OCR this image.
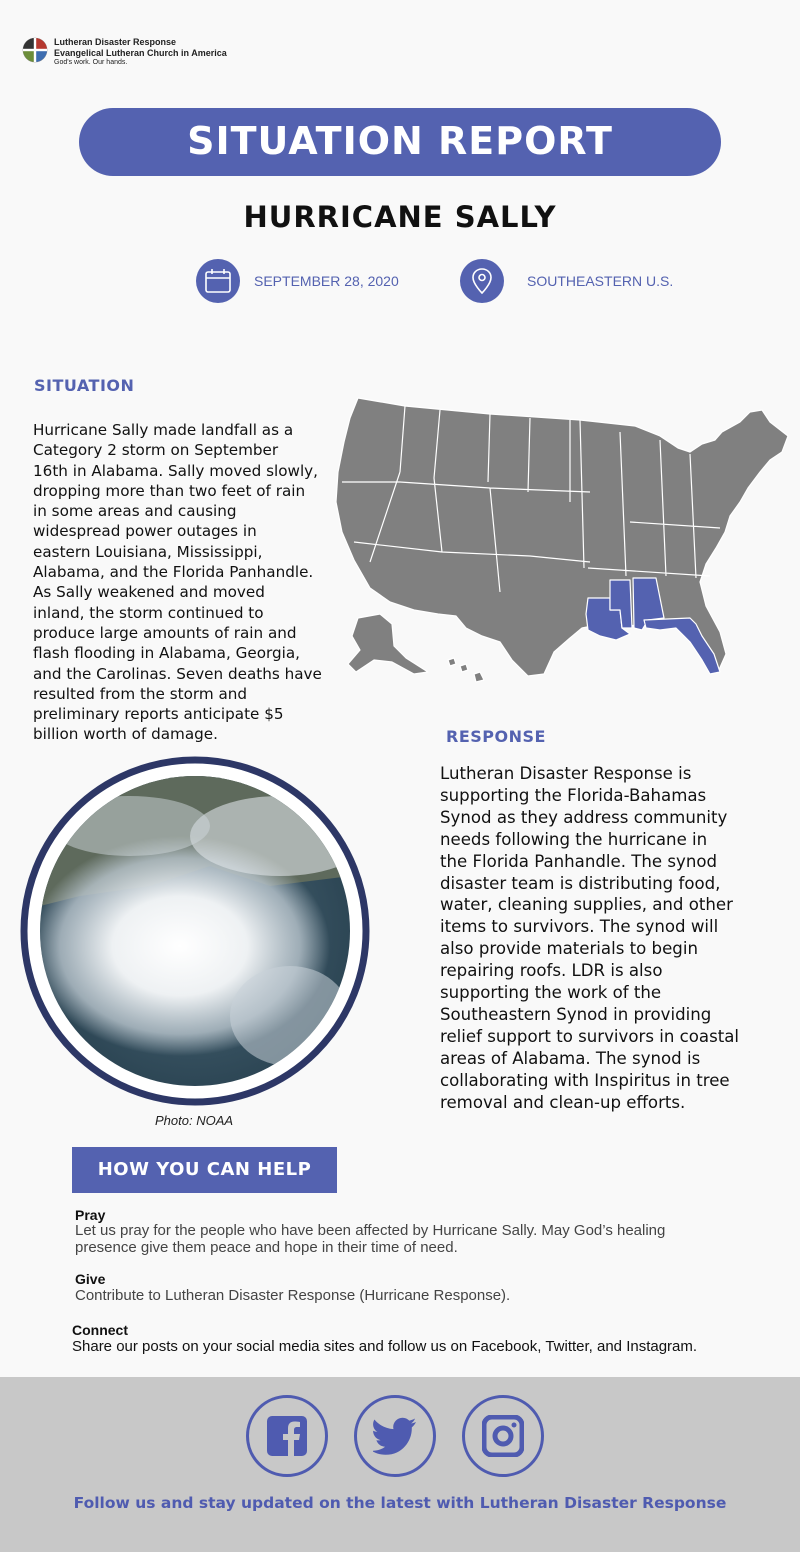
Lutheran Disaster Response
Evangelical Lutheran Church in America
God's work. Our hands.
SITUATION REPORT
HURRICANE SALLY
SEPTEMBER 28, 2020	SOUTHEASTERN U.S.
SITUATION
Hurricane Sally made landfall as a
Category 2 storm on September
16th in Alabama. Sally moved slowly,
dropping more than two feet of rain
in some areas and causing
widespread power outages in
eastern Louisiana, Mississippi,
Alabama, and the Florida Panhandle.
As Sally weakened and moved
inland, the storm continued to
produce large amounts of rain and
flash flooding in Alabama, Georgia,
and the Carolinas. Seven deaths have
resulted from the storm and
preliminary reports anticipate $5
billion worth of damage.
Photo: NOAA
RESPONSE
Lutheran Disaster Response is
supporting the Florida-Bahamas
Synod as they address community
needs following the hurricane in
the Florida Panhandle. The synod
disaster team is distributing food,
water, cleaning supplies, and other
items to survivors. The synod will
also provide materials to begin
repairing roofs. LDR is also
supporting the work of the
Southeastern Synod in providing
relief support to survivors in coastal
areas of Alabama. The synod is
collaborating with Inspiritus in tree
removal and clean-up efforts.
HOW YOU CAN HELP
Pray
Let us pray for the people who have been affected by Hurricane Sally. May God’s healing
presence give them peace and hope in their time of need.
Give
Contribute to Lutheran Disaster Response (Hurricane Response).
Connect
Share our posts on your social media sites and follow us on Facebook, Twitter, and Instagram.
Follow us and stay updated on the latest with Lutheran Disaster Response
